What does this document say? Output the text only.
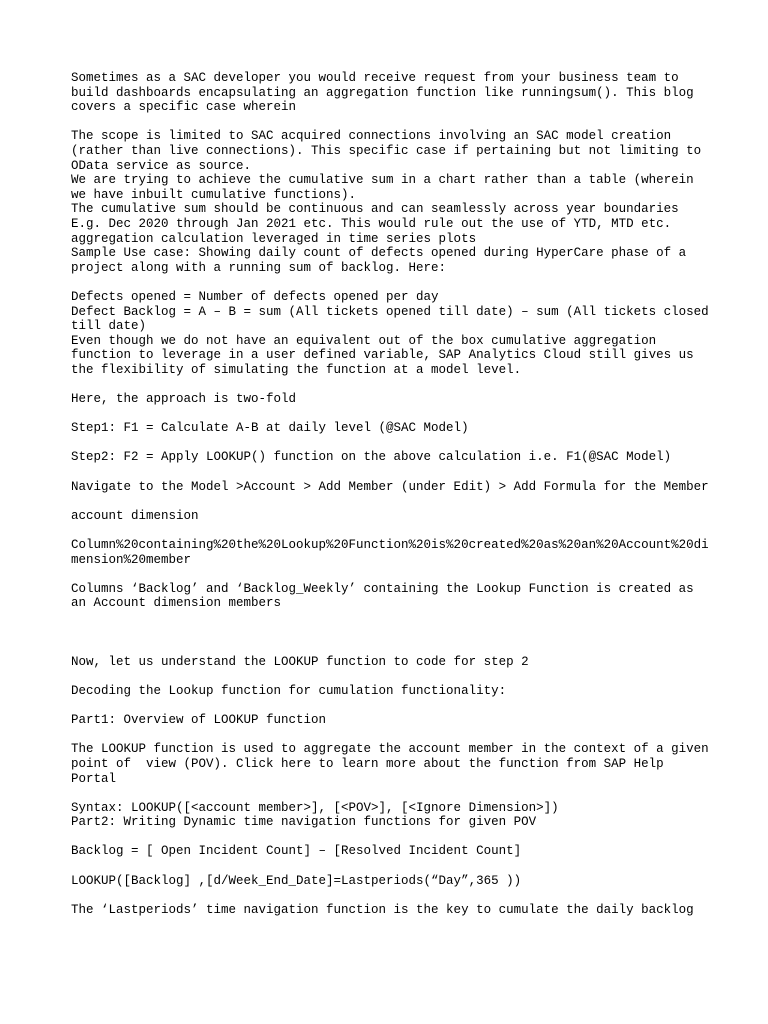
Sometimes as a SAC developer you would receive request from your business team to build dashboards encapsulating an aggregation function like runningsum(). This blog covers a specific case wherein

The scope is limited to SAC acquired connections involving an SAC model creation (rather than live connections). This specific case if pertaining but not limiting to OData service as source.

We are trying to achieve the cumulative sum in a chart rather than a table (wherein we have inbuilt cumulative functions).

The cumulative sum should be continuous and can seamlessly across year boundaries E.g. Dec 2020 through Jan 2021 etc. This would rule out the use of YTD, MTD etc. aggregation calculation leveraged in time series plots

Sample Use case: Showing daily count of defects opened during HyperCare phase of a project along with a running sum of backlog. Here:

Defects opened = Number of defects opened per day

Defect Backlog = A – B = sum (All tickets opened till date) – sum (All tickets closed till date)

Even though we do not have an equivalent out of the box cumulative aggregation function to leverage in a user defined variable, SAP Analytics Cloud still gives us the flexibility of simulating the function at a model level.

Here, the approach is two-fold

Step1: F1 = Calculate A-B at daily level (@SAC Model)

Step2: F2 = Apply LOOKUP() function on the above calculation i.e. F1(@SAC Model)

Navigate to the Model >Account > Add Member (under Edit) > Add Formula for the Member

account dimension

Column%20containing%20the%20Lookup%20Function%20is%20created%20as%20an%20Account%20dimension%20member

Columns ‘Backlog’ and ‘Backlog_Weekly’ containing the Lookup Function is created as an Account dimension members

Now, let us understand the LOOKUP function to code for step 2

Decoding the Lookup function for cumulation functionality:

Part1: Overview of LOOKUP function

The LOOKUP function is used to aggregate the account member in the context of a given point of  view (POV). Click here to learn more about the function from SAP Help Portal

Syntax: LOOKUP([<account member>], [<POV>], [<Ignore Dimension>])

Part2: Writing Dynamic time navigation functions for given POV

Backlog = [ Open Incident Count] – [Resolved Incident Count]

LOOKUP([Backlog] ,[d/Week_End_Date]=Lastperiods(“Day”,365 ))

The ‘Lastperiods’ time navigation function is the key to cumulate the daily backlog
